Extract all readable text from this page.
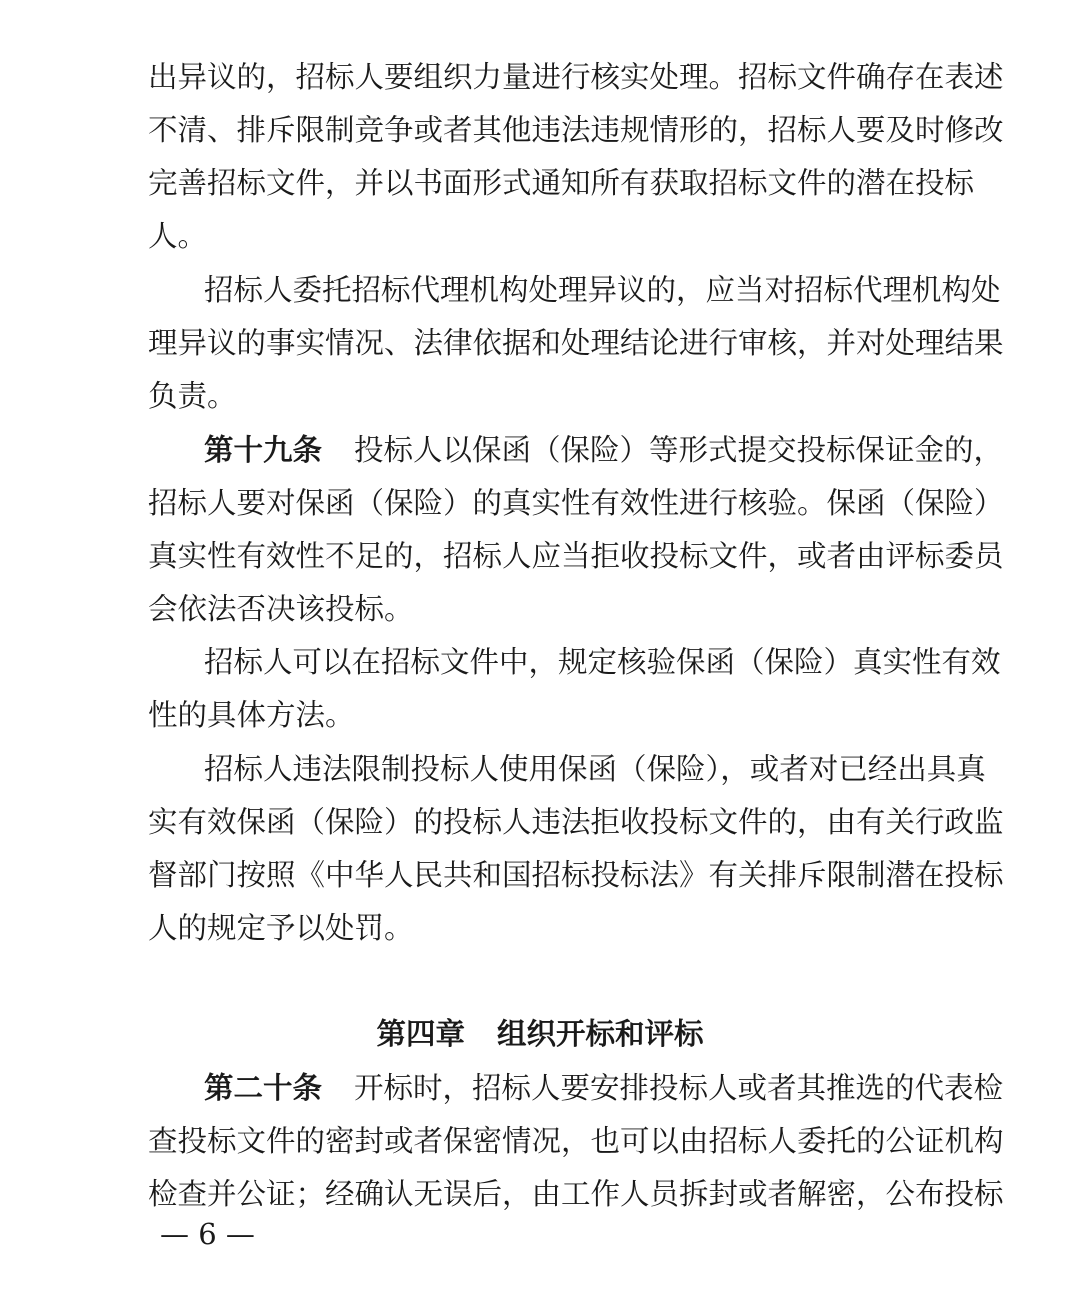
出异议的，招标人要组织力量进行核实处理。招标文件确存在表述
不清、排斥限制竞争或者其他违法违规情形的，招标人要及时修改
完善招标文件，并以书面形式通知所有获取招标文件的潜在投标
人。
招标人委托招标代理机构处理异议的，应当对招标代理机构处
理异议的事实情况、法律依据和处理结论进行审核，并对处理结果
负责。
第十九条 投标人以保函（保险）等形式提交投标保证金的，
招标人要对保函（保险）的真实性有效性进行核验。保函（保险）
真实性有效性不足的，招标人应当拒收投标文件，或者由评标委员
会依法否决该投标。
招标人可以在招标文件中，规定核验保函（保险）真实性有效
性的具体方法。
招标人违法限制投标人使用保函（保险），或者对已经出具真
实有效保函（保险）的投标人违法拒收投标文件的，由有关行政监
督部门按照《中华人民共和国招标投标法》有关排斥限制潜在投标
人的规定予以处罚。
第四章 组织开标和评标
第二十条 开标时，招标人要安排投标人或者其推选的代表检
查投标文件的密封或者保密情况，也可以由招标人委托的公证机构
检查并公证；经确认无误后，由工作人员拆封或者解密，公布投标
— 6 —
